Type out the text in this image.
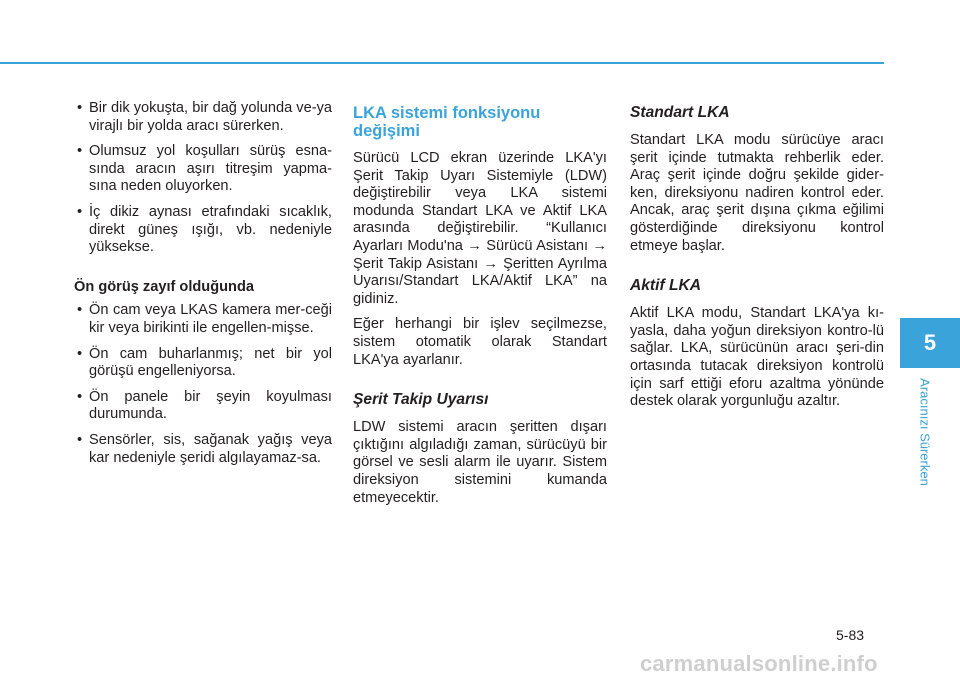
• Bir dik yokuşta, bir dağ yolunda ve-ya virajlı bir yolda aracı sürerken.
• Olumsuz yol koşulları sürüş esna-sında aracın aşırı titreşim yapma-sına neden oluyorken.
• İç dikiz aynası etrafındaki sıcaklık, direkt güneş ışığı, vb. nedeniyle yüksekse.
Ön görüş zayıf olduğunda
• Ön cam veya LKAS kamera mer-ceği kir veya birikinti ile engellen-mişse.
• Ön cam buharlanmış; net bir yol görüşü engelleniyorsa.
• Ön panele bir şeyin koyulması durumunda.
• Sensörler, sis, sağanak yağış veya kar nedeniyle şeridi algılayamaz-sa.
LKA sistemi fonksiyonu değişimi

Sürücü LCD ekran üzerinde LKA'yı Şerit Takip Uyarı Sistemiyle (LDW) değiştirebilir veya LKA sistemi modunda Standart LKA ve Aktif LKA arasında değiştirebilir. “Kullanıcı Ayarları Modu'na → Sürücü Asistanı → Şerit Takip Asistanı → Şeritten Ayrılma Uyarısı/Standart LKA/Aktif LKA” na gidiniz.

Eğer herhangi bir işlev seçilmezse, sistem otomatik olarak Standart LKA'ya ayarlanır.

Şerit Takip Uyarısı

LDW sistemi aracın şeritten dışarı çıktığını algıladığı zaman, sürücüyü bir görsel ve sesli alarm ile uyarır. Sistem direksiyon sistemini kumanda etmeyecektir.

Standart LKA

Standart LKA modu sürücüye aracı şerit içinde tutmakta rehberlik eder. Araç şerit içinde doğru şekilde gider-ken, direksiyonu nadiren kontrol eder. Ancak, araç şerit dışına çıkma eğilimi gösterdiğinde direksiyonu kontrol etmeye başlar.

Aktif LKA

Aktif LKA modu, Standart LKA'ya kı-yasla, daha yoğun direksiyon kontro-lü sağlar. LKA, sürücünün aracı şeri-din ortasında tutacak direksiyon kontrolü için sarf ettiği eforu azaltma yönünde destek olarak yorgunluğu azaltır.

5
Aracınızı Sürerken
5-83
carmanualsonline.info
